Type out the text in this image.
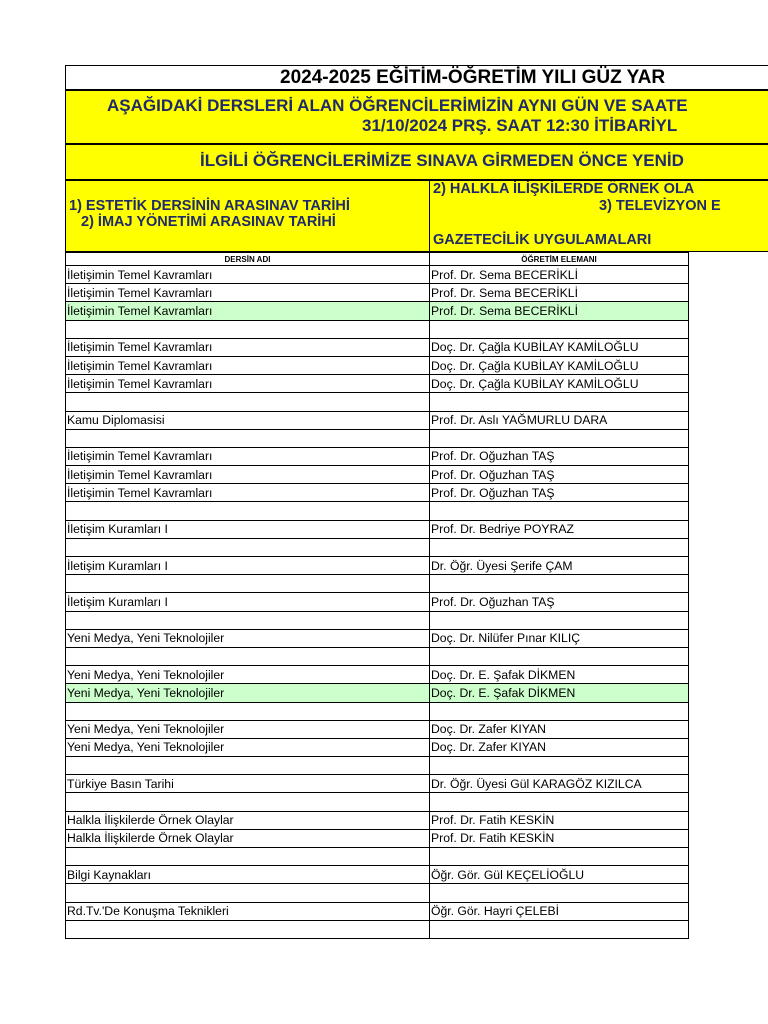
2024-2025 EĞİTİM-ÖĞRETİM YILI GÜZ YAR
AŞAĞIDAKİ DERSLERİ ALAN ÖĞRENCİLERİMİZİN AYNI GÜN VE SAATE
31/10/2024 PRŞ. SAAT 12:30 İTİBARİYL
İLGİLİ ÖĞRENCİLERİMİZE SINAVA GİRMEDEN ÖNCE YENİD
1) ESTETİK DERSİNİN ARASINAV TARİHİ
2) İMAJ YÖNETİMİ ARASINAV TARİHİ
2) HALKLA İLİŞKİLERDE ÖRNEK OLA
3) TELEVİZYON E
GAZETECİLİK UYGULAMALARI
DERSİN ADI	ÖĞRETİM ELEMANI
İletişimin Temel Kavramları	Prof. Dr. Sema BECERİKLİ
İletişimin Temel Kavramları	Prof. Dr. Sema BECERİKLİ
İletişimin Temel Kavramları	Prof. Dr. Sema BECERİKLİ

İletişimin Temel Kavramları	Doç. Dr. Çağla KUBİLAY KAMİLOĞLU
İletişimin Temel Kavramları	Doç. Dr. Çağla KUBİLAY KAMİLOĞLU
İletişimin Temel Kavramları	Doç. Dr. Çağla KUBİLAY KAMİLOĞLU

Kamu Diplomasisi	Prof. Dr. Aslı YAĞMURLU DARA

İletişimin Temel Kavramları	Prof. Dr. Oğuzhan TAŞ
İletişimin Temel Kavramları	Prof. Dr. Oğuzhan TAŞ
İletişimin Temel Kavramları	Prof. Dr. Oğuzhan TAŞ

İletişim Kuramları I	Prof. Dr. Bedriye POYRAZ

İletişim Kuramları I	Dr. Öğr. Üyesi Şerife ÇAM

İletişim Kuramları I	Prof. Dr. Oğuzhan TAŞ

Yeni Medya, Yeni Teknolojiler	Doç. Dr. Nilüfer Pınar KILIÇ

Yeni Medya, Yeni Teknolojiler	Doç. Dr. E. Şafak DİKMEN
Yeni Medya, Yeni Teknolojiler	Doç. Dr. E. Şafak DİKMEN

Yeni Medya, Yeni Teknolojiler	Doç. Dr. Zafer KIYAN
Yeni Medya, Yeni Teknolojiler	Doç. Dr. Zafer KIYAN

Türkiye Basın Tarihi	Dr. Öğr. Üyesi Gül KARAGÖZ KIZILCA

Halkla İlişkilerde Örnek Olaylar	Prof. Dr. Fatih KESKİN
Halkla İlişkilerde Örnek Olaylar	Prof. Dr. Fatih KESKİN

Bilgi Kaynakları	Öğr. Gör. Gül KEÇELİOĞLU

Rd.Tv.'De Konuşma Teknikleri	Öğr. Gör. Hayri ÇELEBİ
